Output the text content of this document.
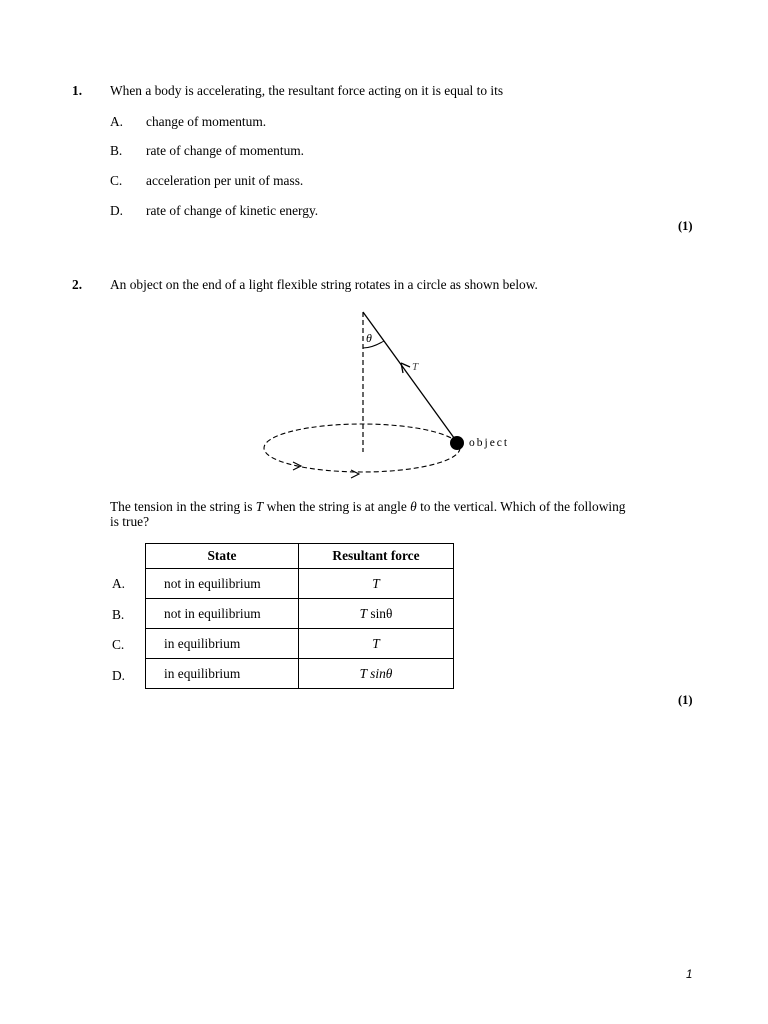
1. When a body is accelerating, the resultant force acting on it is equal to its
A. change of momentum.
B. rate of change of momentum.
C. acceleration per unit of mass.
D. rate of change of kinetic energy.
(1)
2. An object on the end of a light flexible string rotates in a circle as shown below.
θ
T
object
The tension in the string is T when the string is at angle θ to the vertical. Which of the following
is true?
A.
B.
C.
D.
State	Resultant force
not in equilibrium	T
not in equilibrium	T sinθ
in equilibrium	T
in equilibrium	T sinθ
(1)
1
